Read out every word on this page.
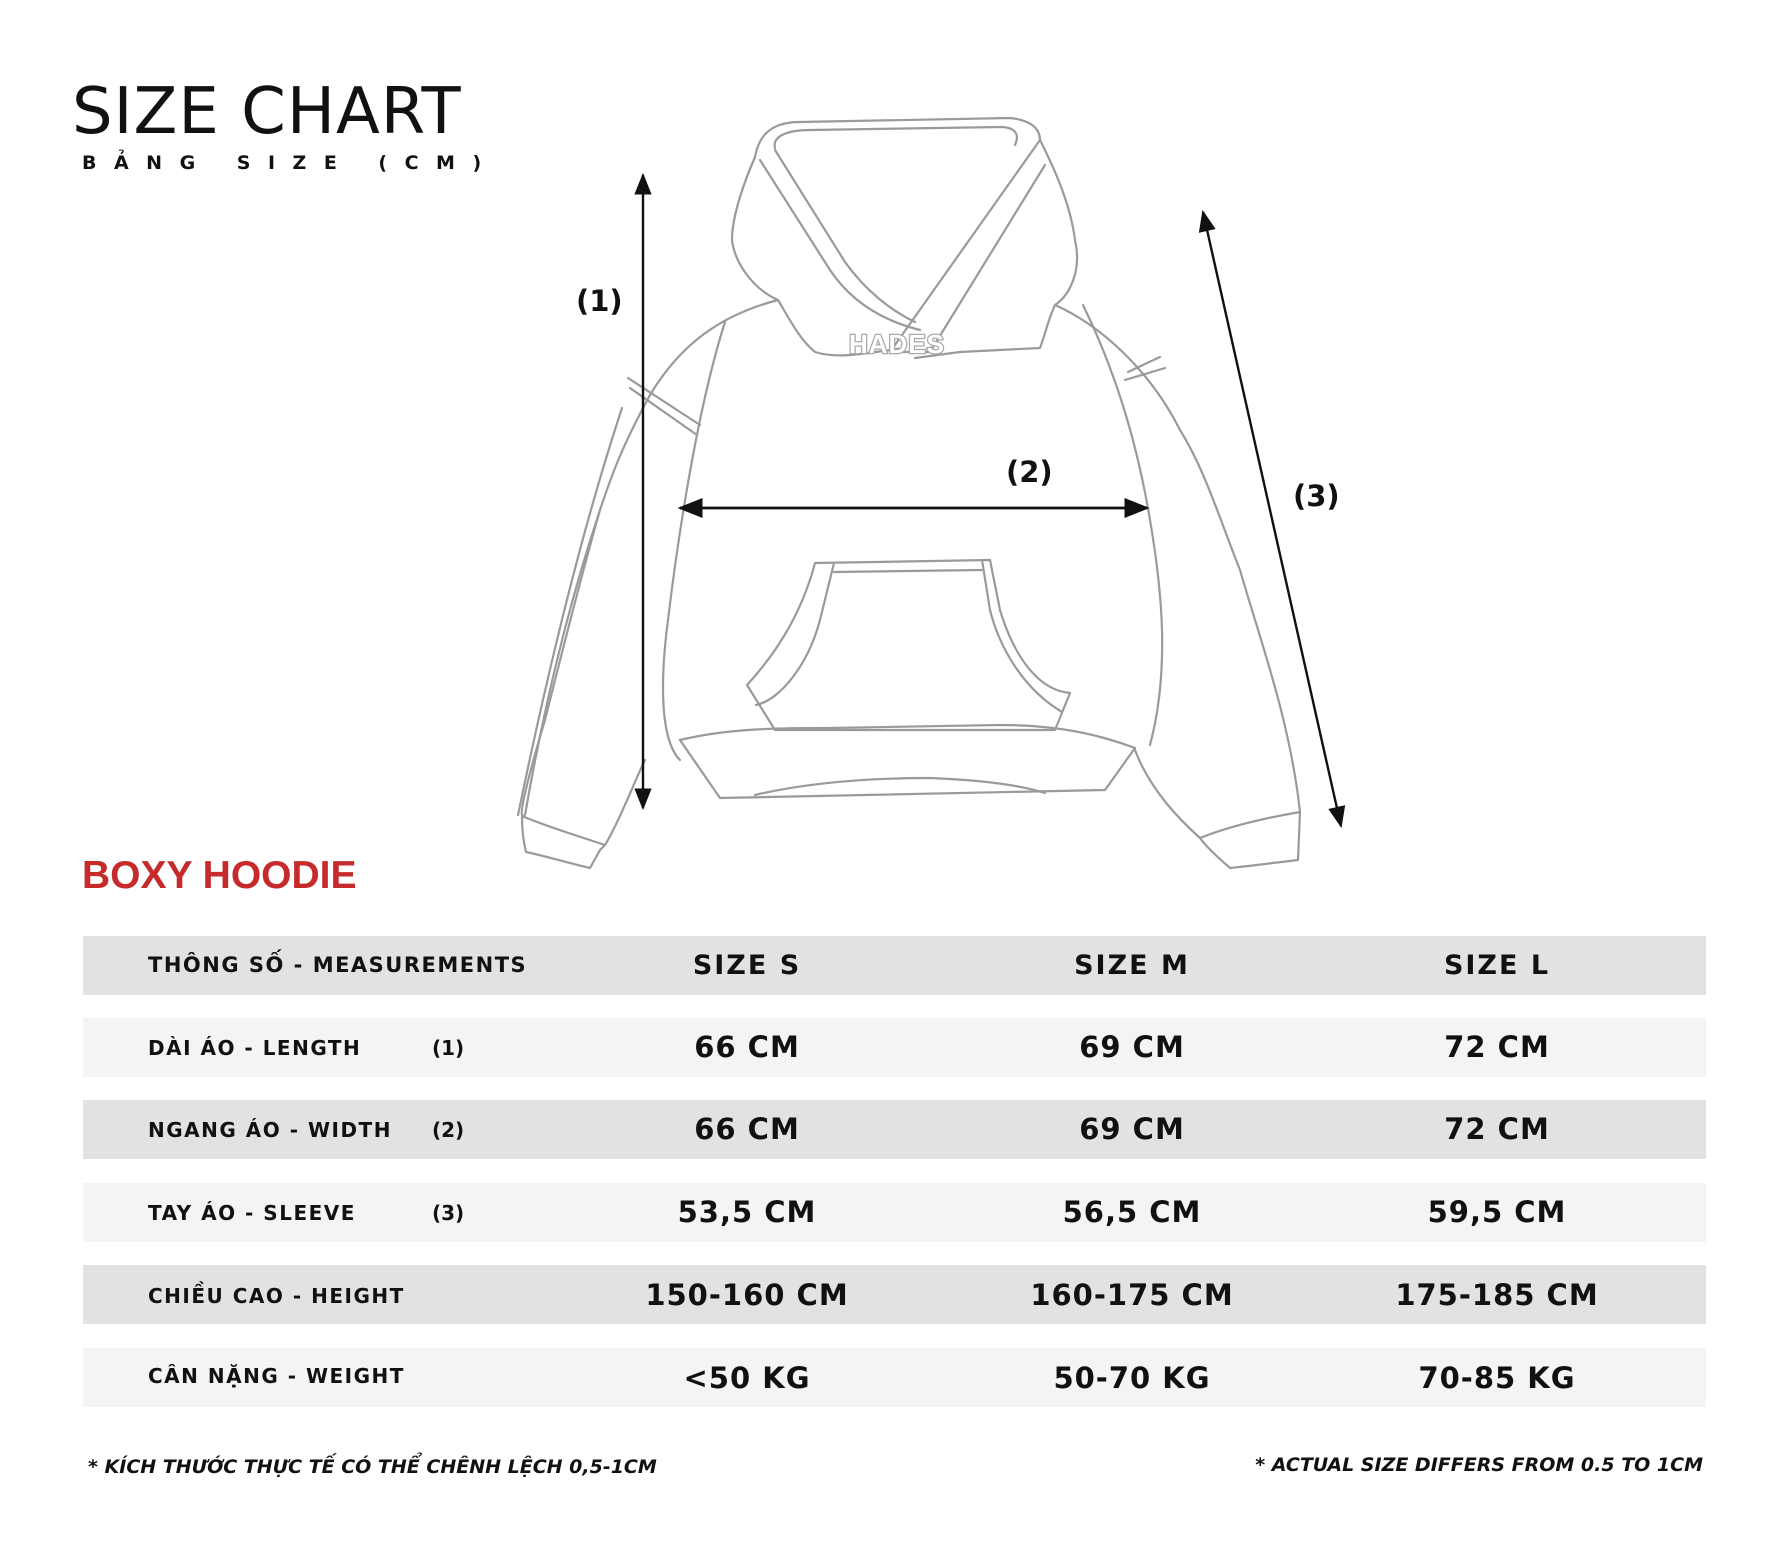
SIZE CHART
BẢNG SIZE (CM)
HADES
(1)
(2)
(3)
BOXY HOODIE
THÔNG SỐ - MEASUREMENTS	SIZE S	SIZE M	SIZE L
DÀI ÁO - LENGTH	(1)	66 CM	69 CM	72 CM
NGANG ÁO - WIDTH (2)	66 CM	69 CM	72 CM
TAY ÁO - SLEEVE	(3)	53,5 CM	56,5 CM	59,5 CM
CHIỀU CAO - HEIGHT	150-160 CM	160-175 CM	175-185 CM
CÂN NẶNG - WEIGHT	<50 KG	50-70 KG	70-85 KG
* KÍCH THƯỚC THỰC TẾ CÓ THỂ CHÊNH LỆCH 0,5-1CM	* ACTUAL SIZE DIFFERS FROM 0.5 TO 1CM
